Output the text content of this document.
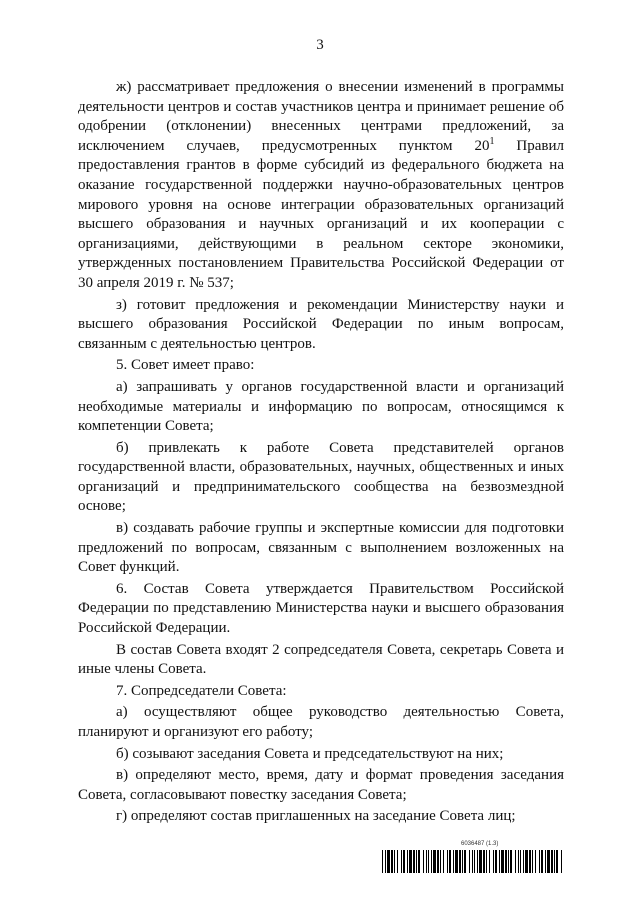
3

ж) рассматривает предложения о внесении изменений в программы деятельности центров и состав участников центра и принимает решение об одобрении (отклонении) внесенных центрами предложений, за исключением случаев, предусмотренных пунктом $20^1$ Правил предоставления грантов в форме субсидий из федерального бюджета на оказание государственной поддержки научно-образовательных центров мирового уровня на основе интеграции образовательных организаций высшего образования и научных организаций и их кооперации с организациями, действующими в реальном секторе экономики, утвержденных постановлением Правительства Российской Федерации от 30 апреля 2019 г. № 537;

з) готовит предложения и рекомендации Министерству науки и высшего образования Российской Федерации по иным вопросам, связанным с деятельностью центров.

5. Совет имеет право:

а) запрашивать у органов государственной власти и организаций необходимые материалы и информацию по вопросам, относящимся к компетенции Совета;

б) привлекать к работе Совета представителей органов государственной власти, образовательных, научных, общественных и иных организаций и предпринимательского сообщества на безвозмездной основе;

в) создавать рабочие группы и экспертные комиссии для подготовки предложений по вопросам, связанным с выполнением возложенных на Совет функций.

6. Состав Совета утверждается Правительством Российской Федерации по представлению Министерства науки и высшего образования Российской Федерации.

В состав Совета входят 2 сопредседателя Совета, секретарь Совета и иные члены Совета.

7. Сопредседатели Совета:

а) осуществляют общее руководство деятельностью Совета, планируют и организуют его работу;

б) созывают заседания Совета и председательствуют на них;

в) определяют место, время, дату и формат проведения заседания Совета, согласовывают повестку заседания Совета;

г) определяют состав приглашенных на заседание Совета лиц;

6036487 (1.3)
